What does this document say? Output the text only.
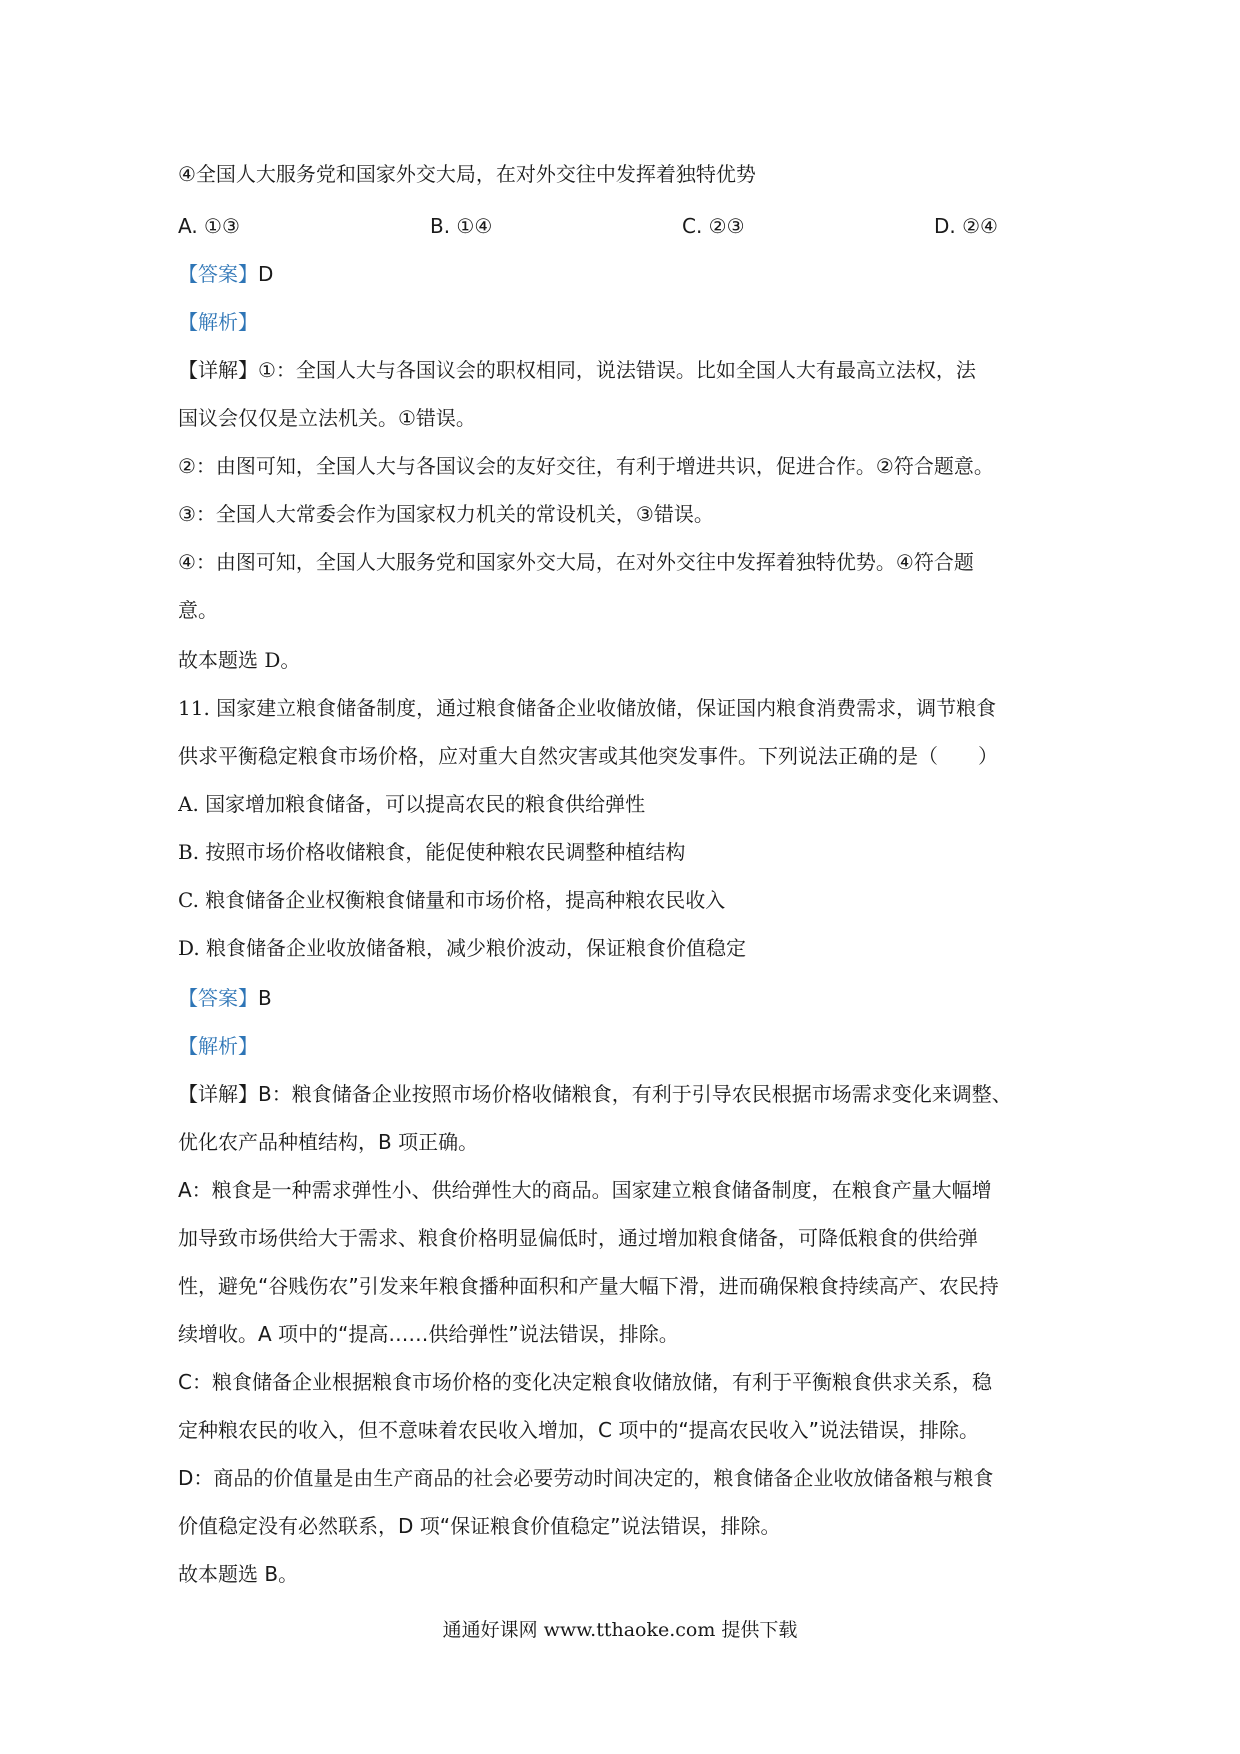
④全国人大服务党和国家外交大局，在对外交往中发挥着独特优势
A. ①③	B. ①④	C. ②③	D. ②④
【答案】D
【解析】
【详解】①：全国人大与各国议会的职权相同，说法错误。比如全国人大有最高立法权，法
国议会仅仅是立法机关。①错误。
②：由图可知，全国人大与各国议会的友好交往，有利于增进共识，促进合作。②符合题意。
③：全国人大常委会作为国家权力机关的常设机关，③错误。
④：由图可知，全国人大服务党和国家外交大局，在对外交往中发挥着独特优势。④符合题
意。
故本题选 D。
11. 国家建立粮食储备制度，通过粮食储备企业收储放储，保证国内粮食消费需求，调节粮食
供求平衡稳定粮食市场价格，应对重大自然灾害或其他突发事件。下列说法正确的是（　　）
A. 国家增加粮食储备，可以提高农民的粮食供给弹性
B. 按照市场价格收储粮食，能促使种粮农民调整种植结构
C. 粮食储备企业权衡粮食储量和市场价格，提高种粮农民收入
D. 粮食储备企业收放储备粮，减少粮价波动，保证粮食价值稳定
【答案】B
【解析】
【详解】B：粮食储备企业按照市场价格收储粮食，有利于引导农民根据市场需求变化来调整、
优化农产品种植结构，B 项正确。
A：粮食是一种需求弹性小、供给弹性大的商品。国家建立粮食储备制度，在粮食产量大幅增
加导致市场供给大于需求、粮食价格明显偏低时，通过增加粮食储备，可降低粮食的供给弹
性，避免“谷贱伤农”引发来年粮食播种面积和产量大幅下滑，进而确保粮食持续高产、农民持
续增收。A 项中的“提高……供给弹性”说法错误，排除。
C：粮食储备企业根据粮食市场价格的变化决定粮食收储放储，有利于平衡粮食供求关系，稳
定种粮农民的收入，但不意味着农民收入增加，C 项中的“提高农民收入”说法错误，排除。
D：商品的价值量是由生产商品的社会必要劳动时间决定的，粮食储备企业收放储备粮与粮食
价值稳定没有必然联系，D 项“保证粮食价值稳定”说法错误，排除。
故本题选 B。
通通好课网 www.tthaoke.com 提供下载
